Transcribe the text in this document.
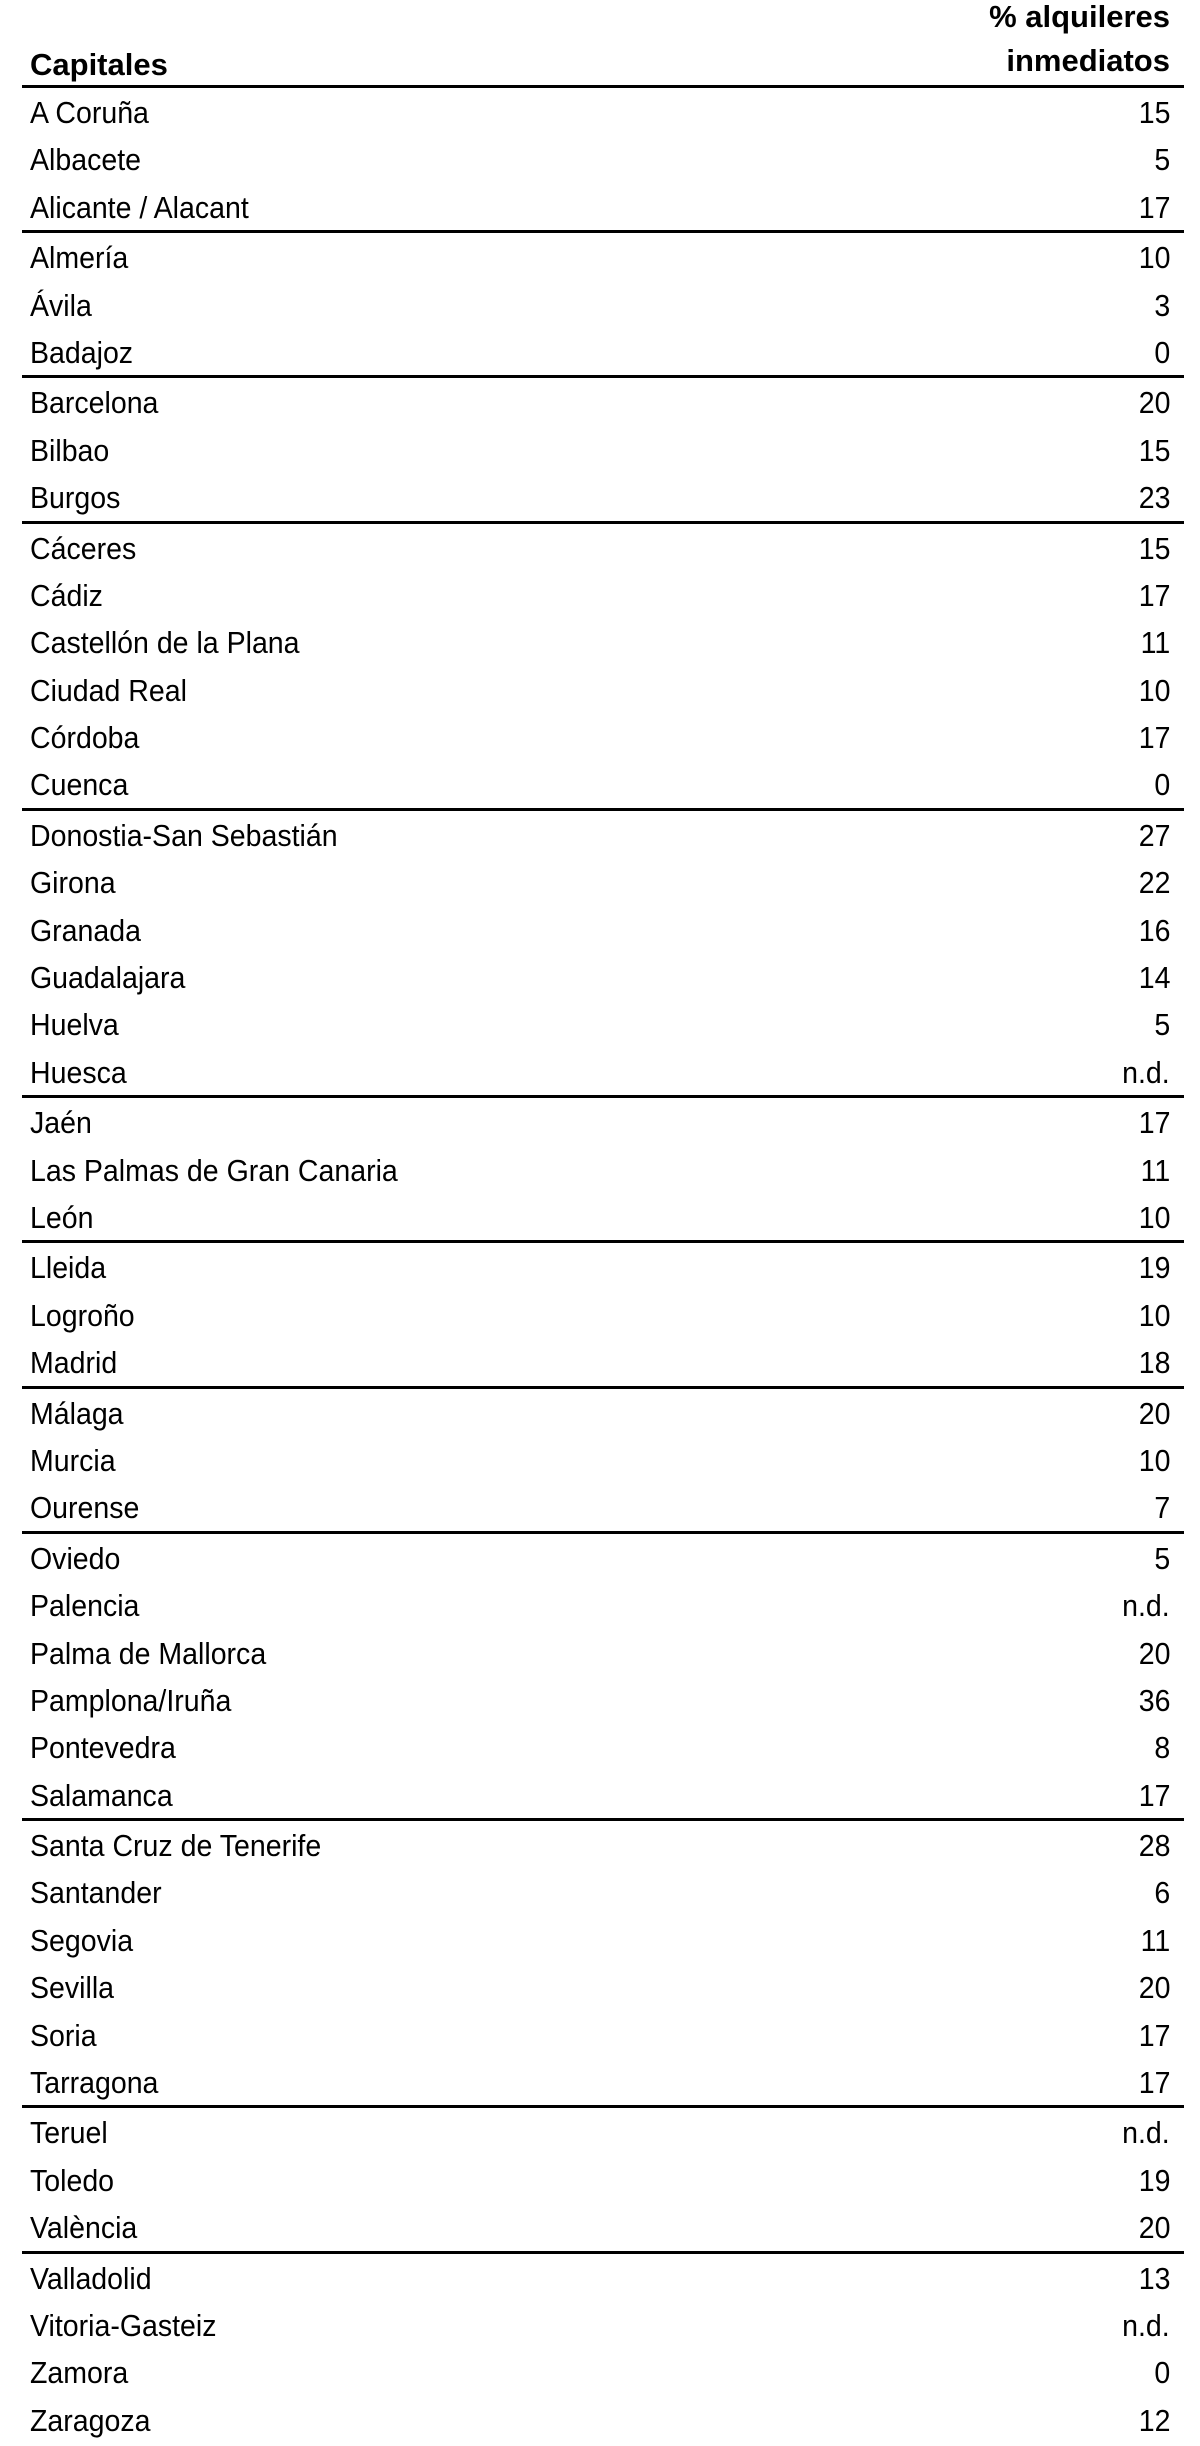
Capitales
% alquileres
inmediatos
A Coruña	15
Albacete	5
Alicante / Alacant	17
Almería	10
Ávila	3
Badajoz	0
Barcelona	20
Bilbao	15
Burgos	23
Cáceres	15
Cádiz	17
Castellón de la Plana	11
Ciudad Real	10
Córdoba	17
Cuenca	0
Donostia-San Sebastián	27
Girona	22
Granada	16
Guadalajara	14
Huelva	5
Huesca	n.d.
Jaén	17
Las Palmas de Gran Canaria	11
León	10
Lleida	19
Logroño	10
Madrid	18
Málaga	20
Murcia	10
Ourense	7
Oviedo	5
Palencia	n.d.
Palma de Mallorca	20
Pamplona/Iruña	36
Pontevedra	8
Salamanca	17
Santa Cruz de Tenerife	28
Santander	6
Segovia	11
Sevilla	20
Soria	17
Tarragona	17
Teruel	n.d.
Toledo	19
València	20
Valladolid	13
Vitoria-Gasteiz	n.d.
Zamora	0
Zaragoza	12
